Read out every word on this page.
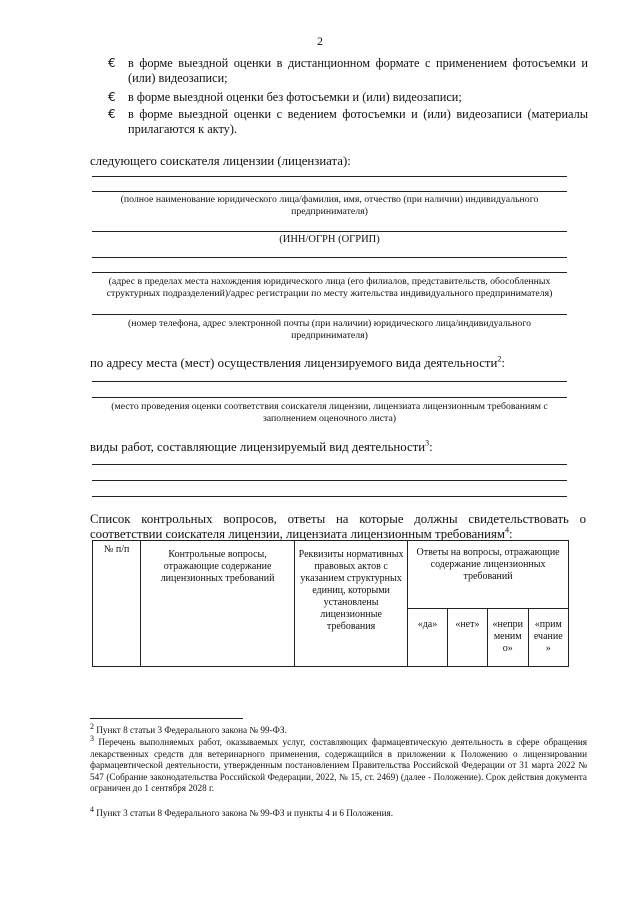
2
€ в форме выездной оценки в дистанционном формате с применением фотосъемки и (или) видеозаписи;
€ в форме выездной оценки без фотосъемки и (или) видеозаписи;
€ в форме выездной оценки с ведением фотосъемки и (или) видеозаписи (материалы прилагаются к акту).
следующего соискателя лицензии (лицензиата):
(полное наименование юридического лица/фамилия, имя, отчество (при наличии) индивидуального предпринимателя)
(ИНН/ОГРН (ОГРИП)
(адрес в пределах места нахождения юридического лица (его филиалов, представительств, обособленных структурных подразделений)/адрес регистрации по месту жительства индивидуального предпринимателя)
(номер телефона, адрес электронной почты (при наличии) юридического лица/индивидуального предпринимателя)
по адресу места (мест) осуществления лицензируемого вида деятельности$^2$:
(место проведения оценки соответствия соискателя лицензии, лицензиата лицензионным требованиям с заполнением оценочного листа)
виды работ, составляющие лицензируемый вид деятельности$^3$:
Список контрольных вопросов, ответы на которые должны свидетельствовать о
соответствии соискателя лицензии, лицензиата лицензионным требованиям$^4$:
№ п/п	Контрольные вопросы, отражающие содержание лицензионных требований	Реквизиты нормативных правовых актов с указанием структурных единиц, которыми установлены лицензионные требования	Ответы на вопросы, отражающие содержание лицензионных требований			
			«да»	«нет»	«непри меним о»	«прим ечание »
$^2$ Пункт 8 статьи 3 Федерального закона № 99-ФЗ.
$^3$ Перечень выполняемых работ, оказываемых услуг, составляющих фармацевтическую деятельность в сфере обращения лекарственных средств для ветеринарного применения, содержащийся в приложении к Положению о лицензировании фармацевтической деятельности, утвержденным постановлением Правительства Российской Федерации от 31 марта 2022 № 547 (Собрание законодательства Российской Федерации, 2022, № 15, ст. 2469) (далее - Положение). Срок действия документа ограничен до 1 сентября 2028 г.
$^4$ Пункт 3 статьи 8 Федерального закона № 99-ФЗ и пункты 4 и 6 Положения.
